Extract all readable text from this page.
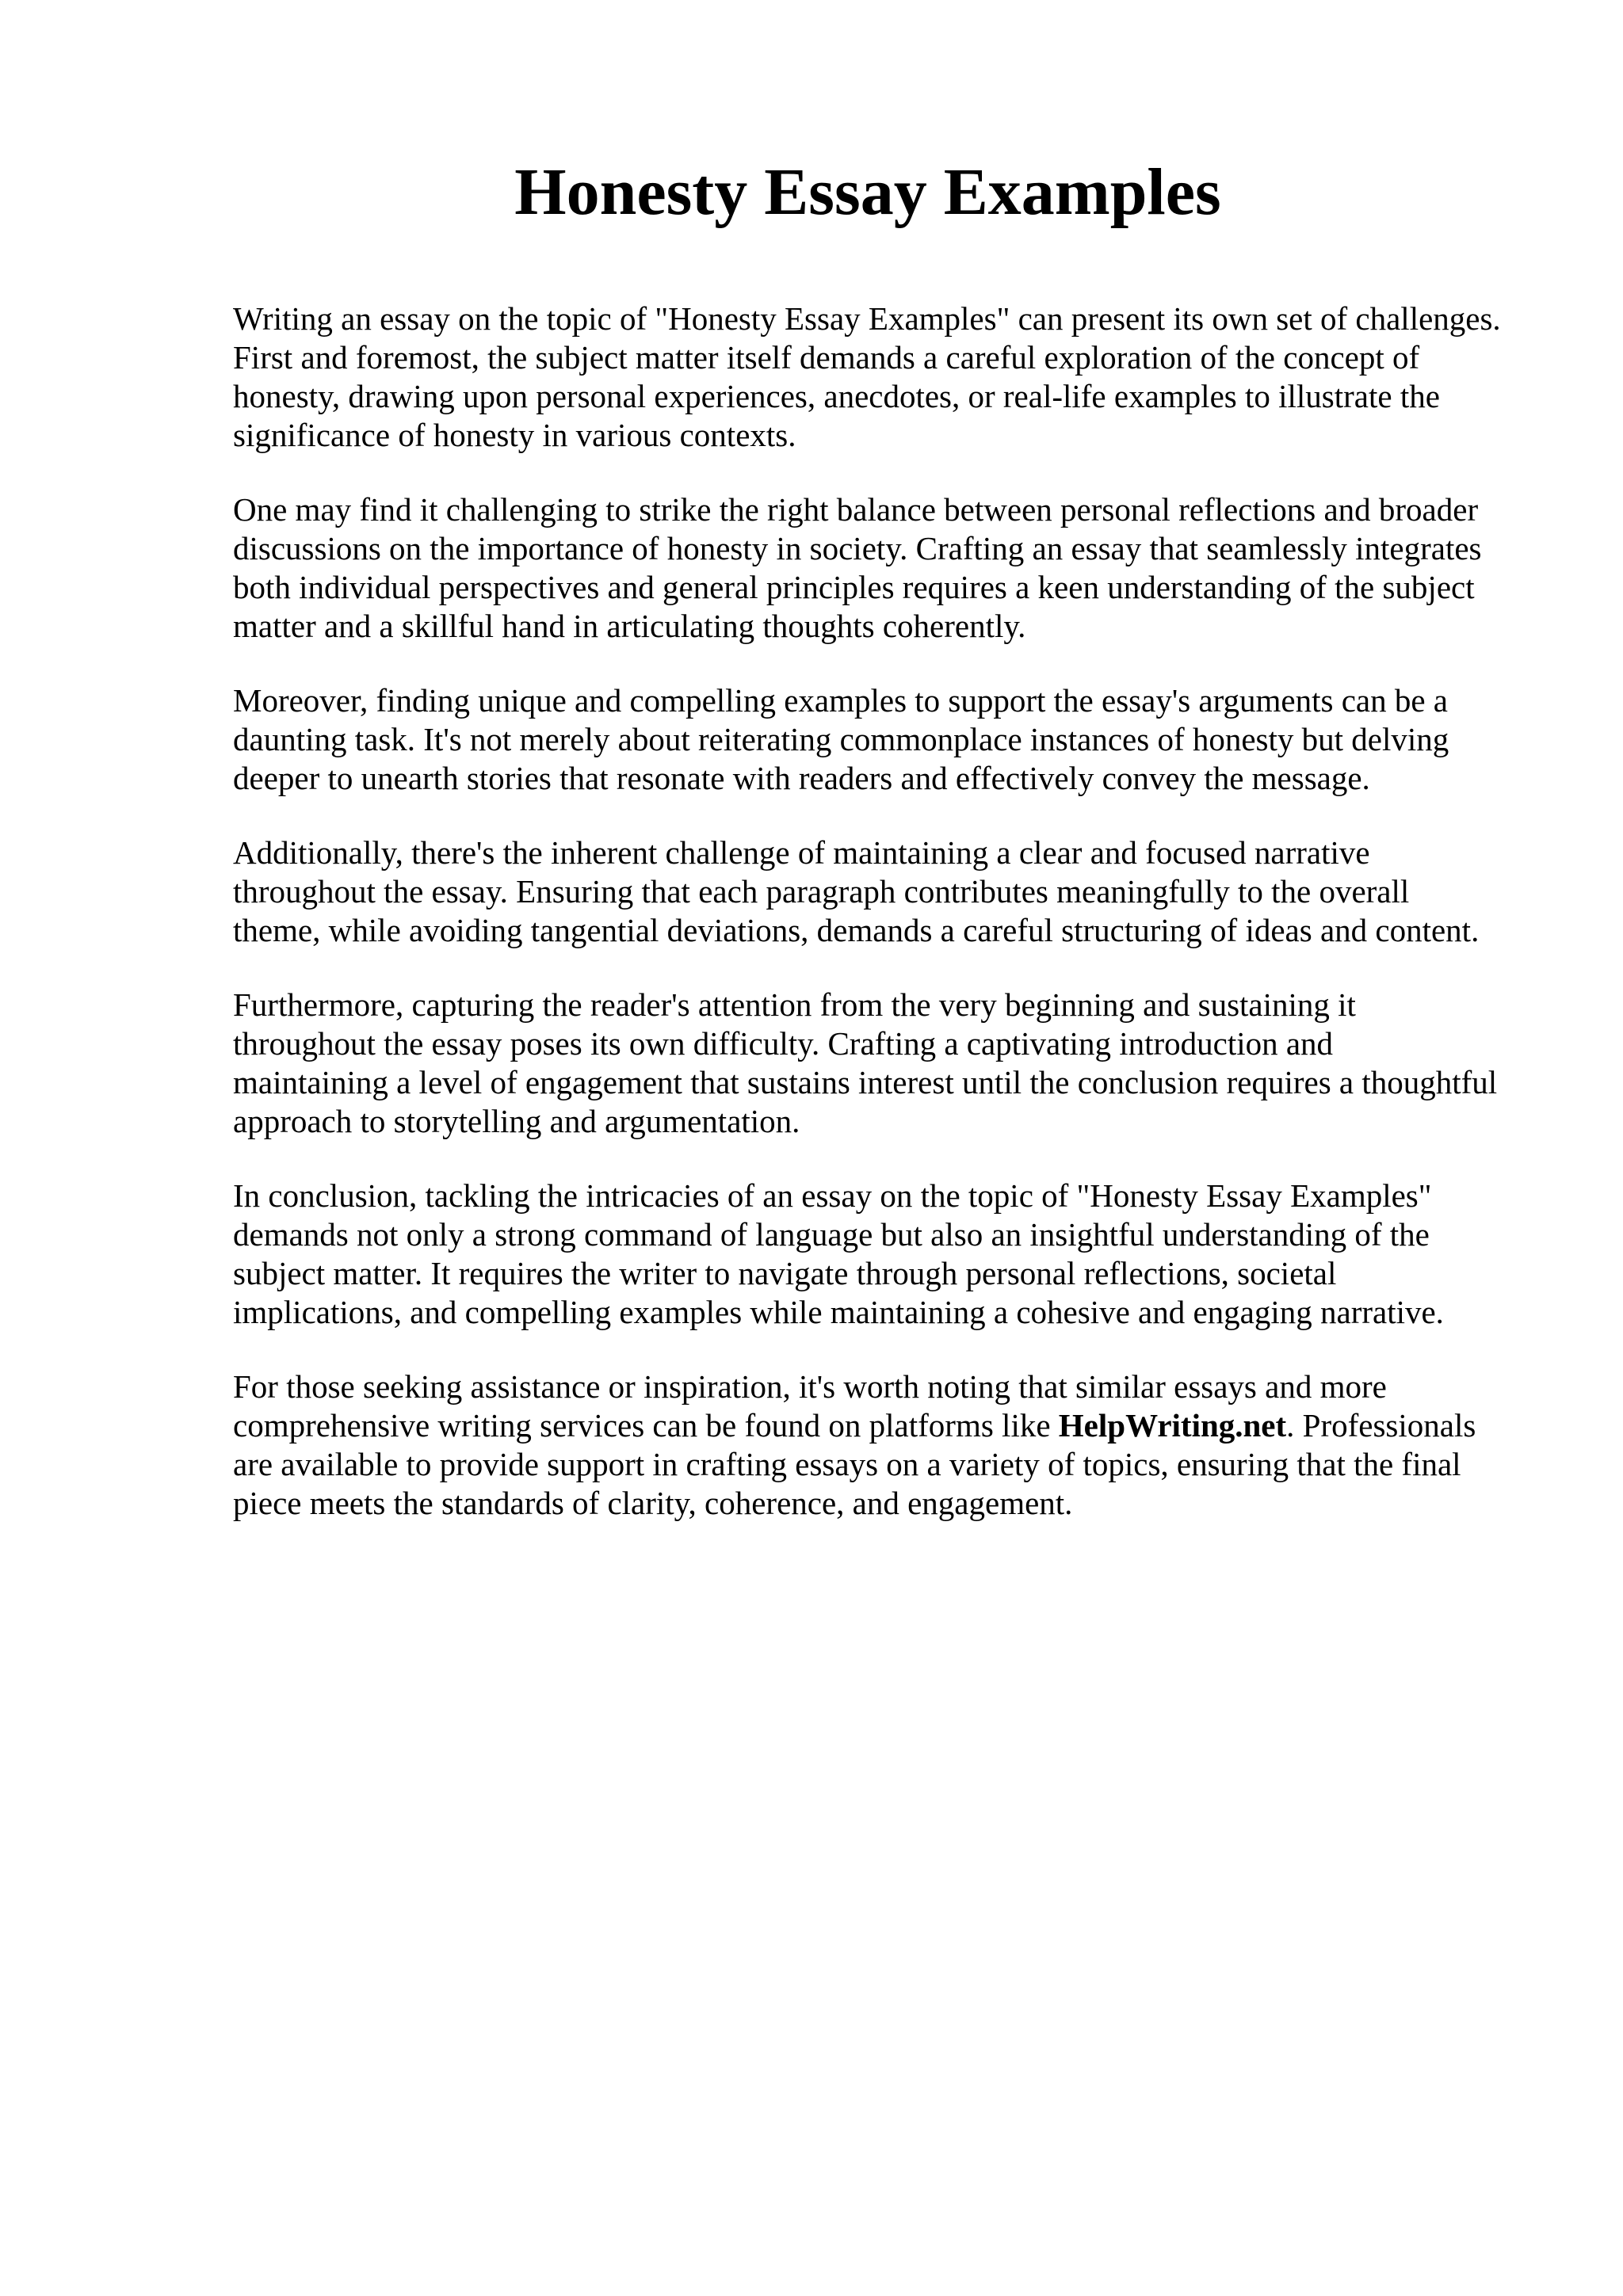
Honesty Essay Examples

Writing an essay on the topic of "Honesty Essay Examples" can present its own set of challenges.
First and foremost, the subject matter itself demands a careful exploration of the concept of
honesty, drawing upon personal experiences, anecdotes, or real-life examples to illustrate the
significance of honesty in various contexts.

One may find it challenging to strike the right balance between personal reflections and broader
discussions on the importance of honesty in society. Crafting an essay that seamlessly integrates
both individual perspectives and general principles requires a keen understanding of the subject
matter and a skillful hand in articulating thoughts coherently.

Moreover, finding unique and compelling examples to support the essay's arguments can be a
daunting task. It's not merely about reiterating commonplace instances of honesty but delving
deeper to unearth stories that resonate with readers and effectively convey the message.

Additionally, there's the inherent challenge of maintaining a clear and focused narrative
throughout the essay. Ensuring that each paragraph contributes meaningfully to the overall
theme, while avoiding tangential deviations, demands a careful structuring of ideas and content.

Furthermore, capturing the reader's attention from the very beginning and sustaining it
throughout the essay poses its own difficulty. Crafting a captivating introduction and
maintaining a level of engagement that sustains interest until the conclusion requires a thoughtful
approach to storytelling and argumentation.

In conclusion, tackling the intricacies of an essay on the topic of "Honesty Essay Examples"
demands not only a strong command of language but also an insightful understanding of the
subject matter. It requires the writer to navigate through personal reflections, societal
implications, and compelling examples while maintaining a cohesive and engaging narrative.

For those seeking assistance or inspiration, it's worth noting that similar essays and more
comprehensive writing services can be found on platforms like HelpWriting.net. Professionals
are available to provide support in crafting essays on a variety of topics, ensuring that the final
piece meets the standards of clarity, coherence, and engagement.
